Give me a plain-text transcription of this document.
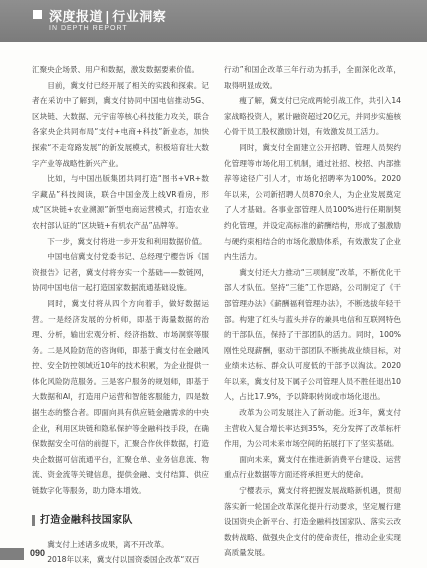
深度报道 | 行业洞察
IN DEPTH REPORT

汇聚央企场景、用户和数据，激发数据要素价值。

目前，冀支付已经开展了相关的实践和探索。记者在采访中了解到，冀支付协同中国电信推动5G、区块链、大数据、元宇宙等核心科技能力攻关，联合各家央企共同布局“支付+电商+科技”新业态，加快探索“不走弯路发展”的新发展模式，积极培育壮大数字产业等战略性新兴产业。

比如，与中国出版集团共同打造“图书+VR+数字藏品”科技阅读，联合中国金茂上线VR看房，形成“区块链+农业溯源”新型电商运营模式，打造农业农村部认证的“区块链+有机农产品”品牌等。

下一步，冀支付将进一步开发和利用数据价值。

中国电信冀支付党委书记、总经理宁樱告诉《国资报告》记者，冀支付将夯实一个基础——数链网，协同中国电信一起打造国家数据流通基础设施。

同时，冀支付将从四个方向着手，做好数据运营。一是经济发展的分析师，即基于海量数据的治理、分析，输出宏观分析、经济指数、市场洞察等服务。二是风险防范的咨询师，即基于冀支付在金融风控、安全防控领域近10年的技术积累，为企业提供一体化风险防范服务。三是客户服务的规划师，即基于大数据和AI，打造用户运营和智能客服能力，四是数据生态的整合者。即面向具有供应链金融需求的中央企业，利用区块链和隐私保护等金融科技手段，在确保数据安全可信的前提下，汇聚合作伙伴数据，打造央企数据可信流通平台，汇聚仓单、业务信息流、物流、资金流等关键信息，提供金融、支付结算、供应链数字化等服务，助力降本增效。

打造金融科技国家队

冀支付上述诸多成果，离不开改革。

2018年以来，冀支付以国资委国企改革“双百

行动”和国企改革三年行动为抓手，全面深化改革，取得明显成效。

瘦了解，冀支付已完成两轮引战工作，共引入14家战略投资人，累计融资超过20亿元，并同步实施核心骨干员工股权激励计划，有效激发员工活力。

同时，冀支付全面建立公开招聘、管理人员契约化管理等市场化用工机制，通过社招、校招、内部推荐等途径广引人才，市场化招聘率为100%。2020年以来，公司新招聘人员870余人，为企业发展奠定了人才基础。各事业部管理人员100%进行任期制契约化管理，并设定高标准的薪酬结构，形成了强激励与硬约束相结合的市场化激励体系，有效激发了企业内生活力。

冀支付还大力推动“三项制度”改革，不断优化干部人才队伍。坚持“三能”工作思路，公司制定了《干部管理办法》《薪酬福利管理办法》，不断选拔年轻干部。构建了红头与蓝头并存的兼具电信和互联网特色的干部队伍，保持了干部团队的活力。同时，100%刚性兑现薪酬，驱动干部团队不断挑战业绩目标，对业绩未达标、群众认可度低的干部予以淘汰。2020年以来，冀支付及下属子公司管理人员不胜任退出10人，占比17.9%，予以降职转岗或市场化退出。

改革为公司发展注入了新动能。近3年，冀支付主营收入复合增长率达到35%，充分发挥了改革标杆作用，为公司未来市场空间的拓展打下了坚实基础。

面向未来，冀支付在推进新消费平台建设、运营重点行业数据等方面还将承担更大的使命。

宁樱表示，冀支付将把握发展战略新机遇，贯彻落实新一轮国企改革深化提升行动要求，坚定履行建设国资央企新平台、打造金融科技国家队、落实云改数转战略、做强央企支付的使命责任，推动企业实现高质量发展。

090
